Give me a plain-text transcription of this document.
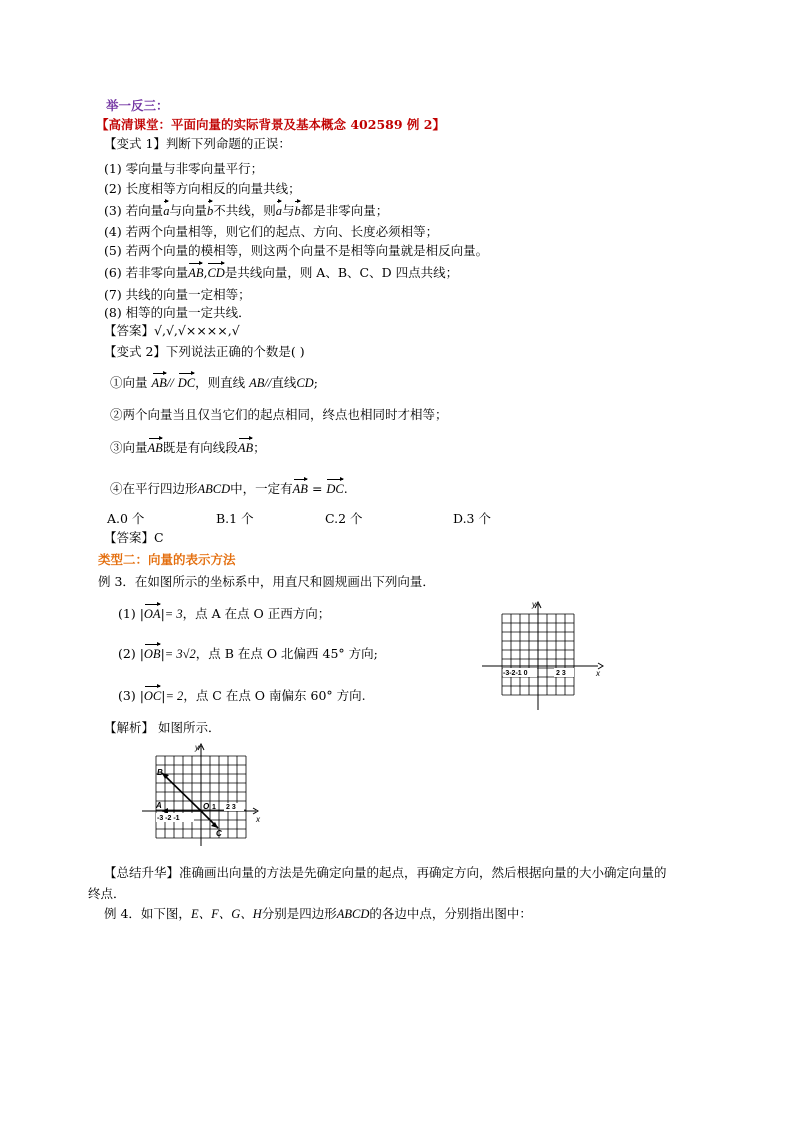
举一反三：
【高清课堂：平面向量的实际背景及基本概念 402589 例 2】
【变式 1】判断下列命题的正误：
(1) 零向量与非零向量平行；
(2) 长度相等方向相反的向量共线；
(3) 若向量a与向量b不共线，则a与b都是非零向量；
(4) 若两个向量相等，则它们的起点、方向、长度必须相等；
(5) 若两个向量的模相等，则这两个向量不是相等向量就是相反向量。
(6) 若非零向量AB,CD是共线向量，则 A、B、C、D 四点共线；
(7) 共线的向量一定相等；
(8) 相等的向量一定共线．
【答案】√,√,√××××,√
【变式 2】下列说法正确的个数是( )
①向量 AB// DC，则直线 AB//直线CD;
②两个向量当且仅当它们的起点相同，终点也相同时才相等；
③向量AB既是有向线段AB；
④在平行四边形ABCD中，一定有AB = DC.
A.0 个	B.1 个	C.2 个	D.3 个
【答案】C
类型二：向量的表示方法
例 3．在如图所示的坐标系中，用直尺和圆规画出下列向量．
(1) |OA|= 3，点 A 在点 O 正西方向；
(2) |OB|= 3√2，点 B 在点 O 北偏西 45° 方向;
(3) |OC|= 2，点 C 在点 O 南偏东 60° 方向.
y
x
-3-2-1 0	2 3
【解析】 如图所示．
y
x
-3 -2 -1
O 1 2 3
A
B
C
【总结升华】准确画出向量的方法是先确定向量的起点，再确定方向，然后根据向量的大小确定向量的
终点．
例 4．如下图，E、F、G、H分别是四边形ABCD的各边中点，分别指出图中：
